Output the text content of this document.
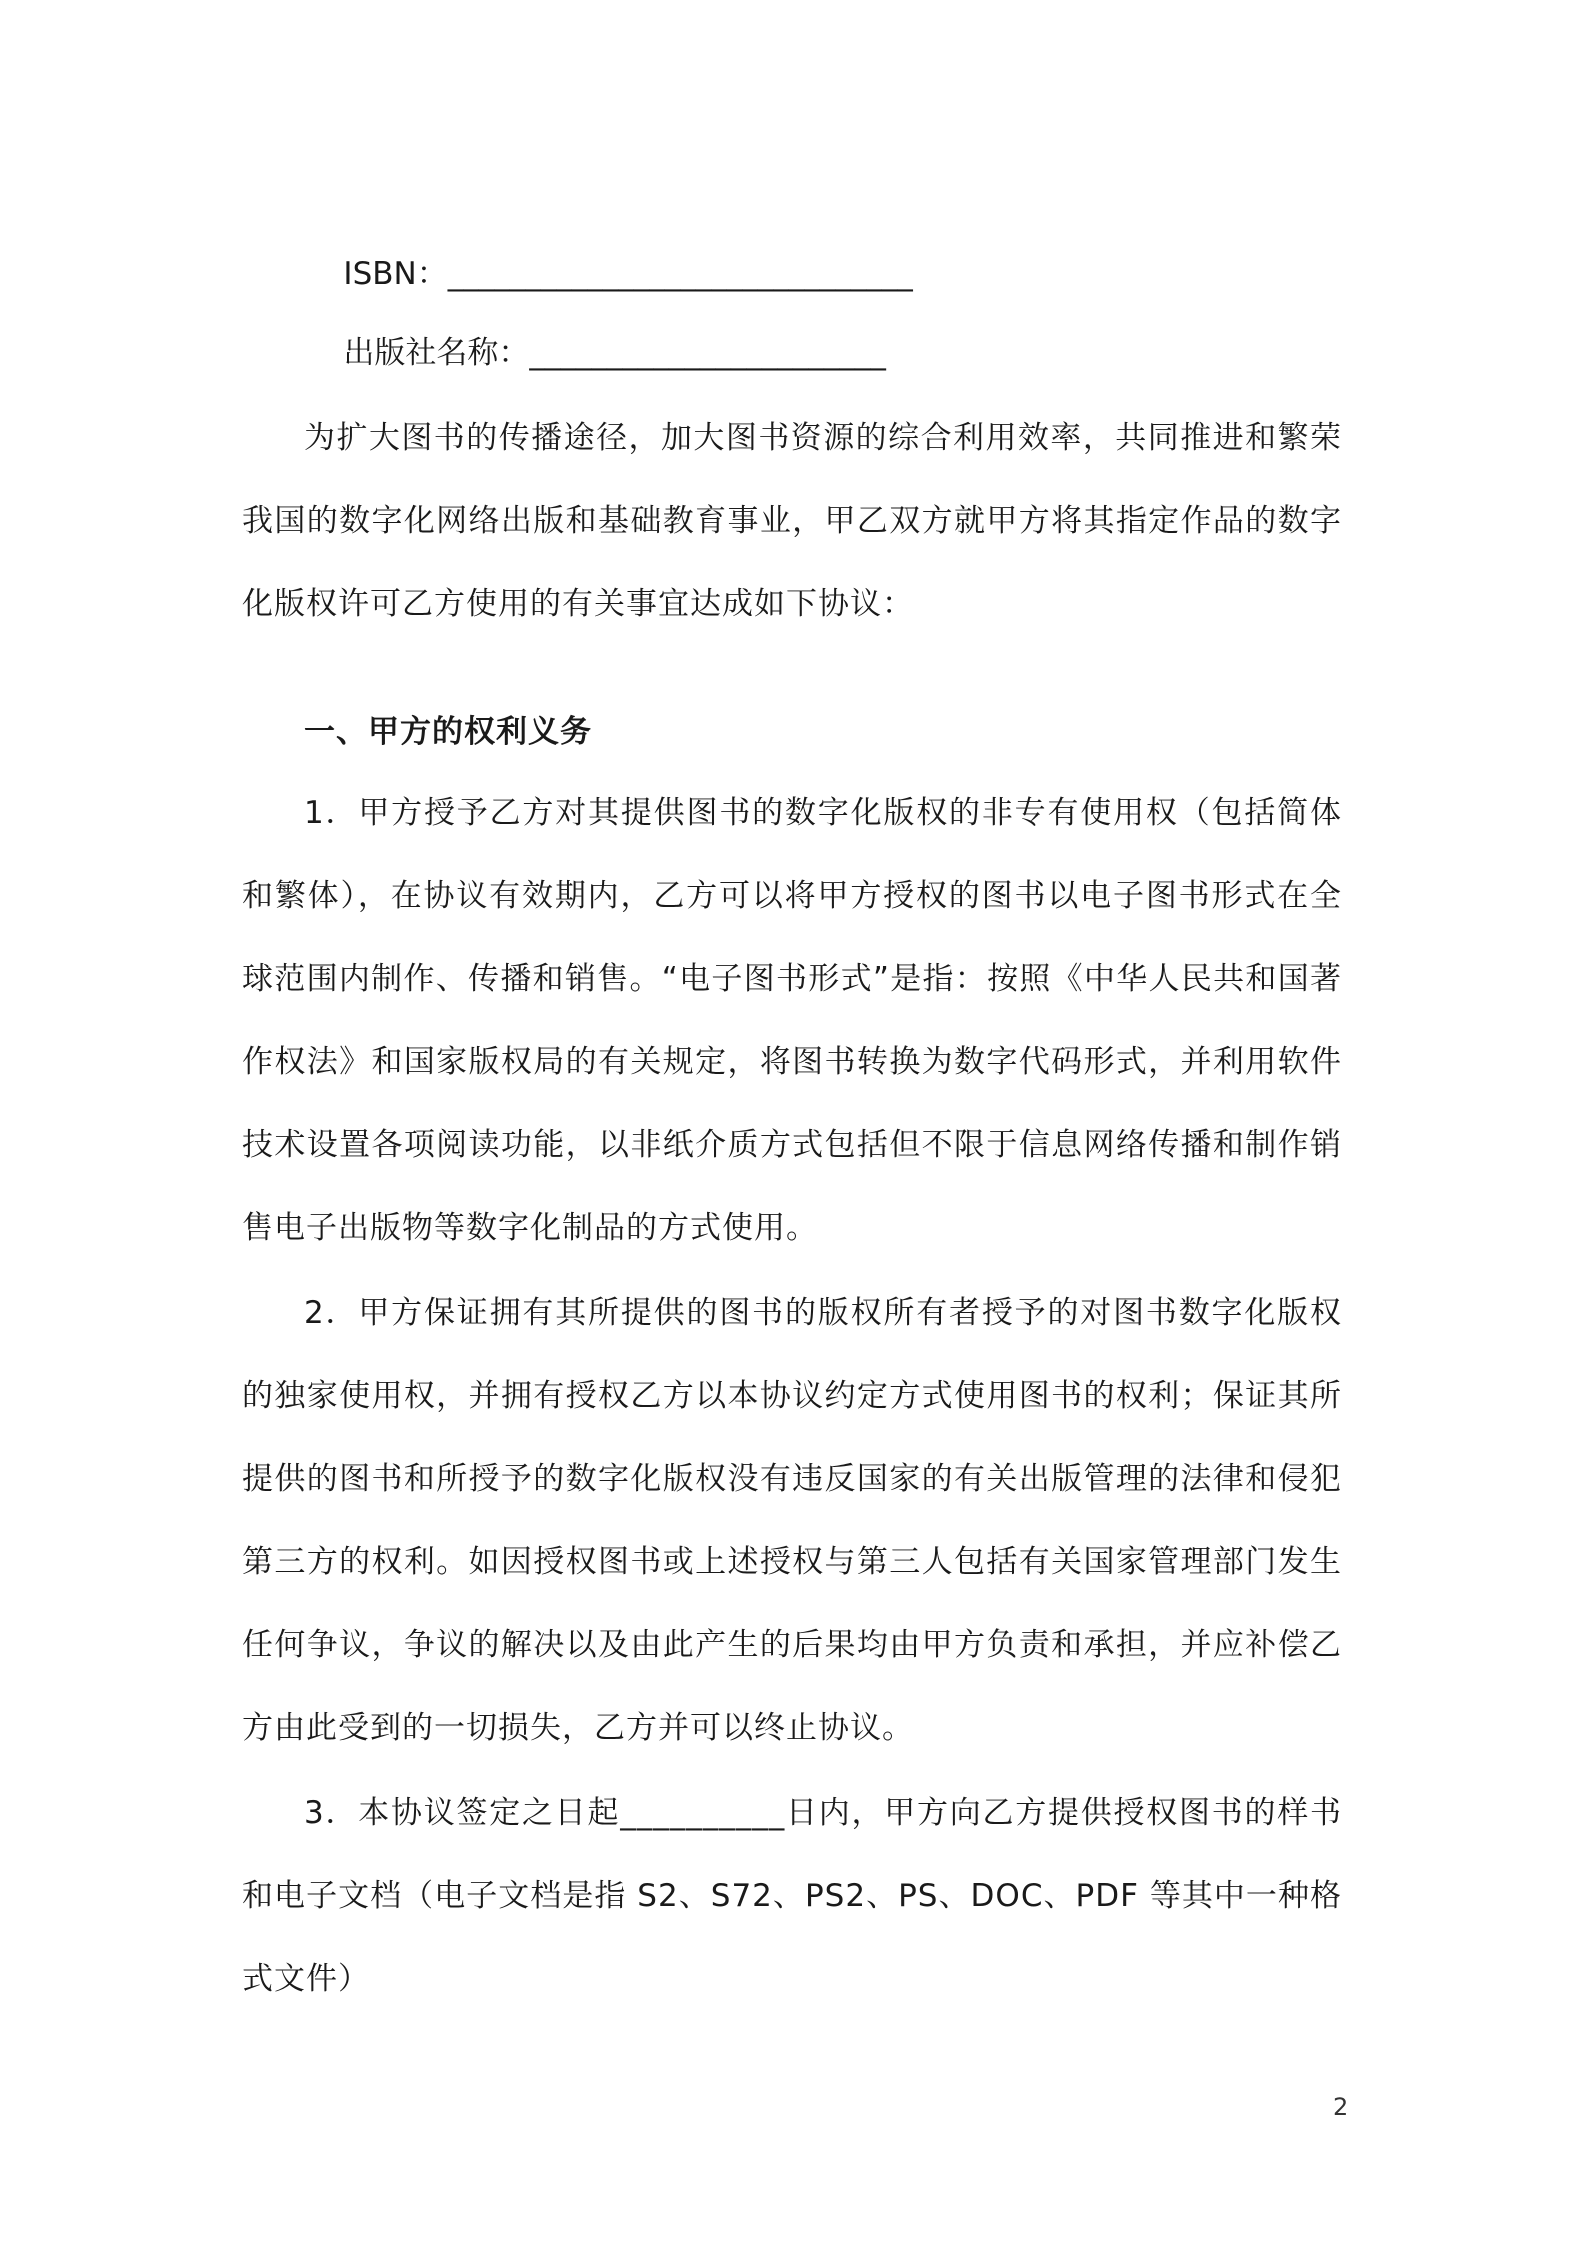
ISBN：______________________________

出版社名称：_______________________

为扩大图书的传播途径，加大图书资源的综合利用效率，共同推进和繁荣我国的数字化网络出版和基础教育事业，甲乙双方就甲方将其指定作品的数字化版权许可乙方使用的有关事宜达成如下协议：

一、甲方的权利义务

1．甲方授予乙方对其提供图书的数字化版权的非专有使用权（包括简体和繁体），在协议有效期内，乙方可以将甲方授权的图书以电子图书形式在全球范围内制作、传播和销售。“电子图书形式”是指：按照《中华人民共和国著作权法》和国家版权局的有关规定，将图书转换为数字代码形式，并利用软件技术设置各项阅读功能，以非纸介质方式包括但不限于信息网络传播和制作销售电子出版物等数字化制品的方式使用。

2．甲方保证拥有其所提供的图书的版权所有者授予的对图书数字化版权的独家使用权，并拥有授权乙方以本协议约定方式使用图书的权利；保证其所提供的图书和所授予的数字化版权没有违反国家的有关出版管理的法律和侵犯第三方的权利。如因授权图书或上述授权与第三人包括有关国家管理部门发生任何争议，争议的解决以及由此产生的后果均由甲方负责和承担，并应补偿乙方由此受到的一切损失，乙方并可以终止协议。

3．本协议签定之日起__________日内，甲方向乙方提供授权图书的样书和电子文档（电子文档是指 S2、S72、PS2、PS、DOC、PDF 等其中一种格式文件）

2
